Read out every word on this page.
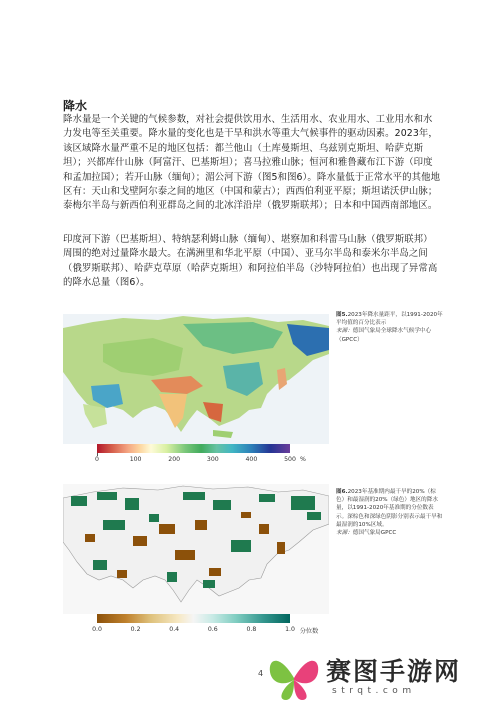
降水
降水量是一个关键的气候参数，对社会提供饮用水、生活用水、农业用水、工业用水和水力发电等至关重要。降水量的变化也是干旱和洪水等重大气候事件的驱动因素。2023年，该区域降水量严重不足的地区包括：都兰他山（土库曼斯坦、乌兹别克斯坦、哈萨克斯坦）；兴都库什山脉（阿富汗、巴基斯坦）；喜马拉雅山脉；恒河和雅鲁藏布江下游（印度和孟加拉国）；若开山脉（缅甸）；湄公河下游（图5和图6）。降水量低于正常水平的其他地区有：天山和戈壁阿尔泰之间的地区（中国和蒙古）；西西伯利亚平原；斯坦诺沃伊山脉；泰梅尔半岛与新西伯利亚群岛之间的北冰洋沿岸（俄罗斯联邦）；日本和中国西南部地区。
印度河下游（巴基斯坦）、特纳瑟利姆山脉（缅甸）、堪察加和科雷马山脉（俄罗斯联邦）周围的绝对过量降水最大。在满洲里和华北平原（中国）、亚马尔半岛和泰米尔半岛之间（俄罗斯联邦）、哈萨克草原（哈萨克斯坦）和阿拉伯半岛（沙特阿拉伯）也出现了异常高的降水总量（图6）。
0	100	200	300	400	500 %
图5.2023年降水量距平，以1991-2020年平均值的百分比表示
来源：德国气象局全球降水气候学中心（GPCC）
0.0	0.2	0.4	0.6	0.8	1.0 分位数
图6.2023年基准期内最干旱的20%（棕色）和最湿润的20%（绿色）地区的降水量，以1991-2020年基准期的分位数表示。深棕色和深绿色阴影分别表示最干旱和最湿润的10%区域。
来源：德国气象局GPCC
4	赛图手游网
strqt.com
